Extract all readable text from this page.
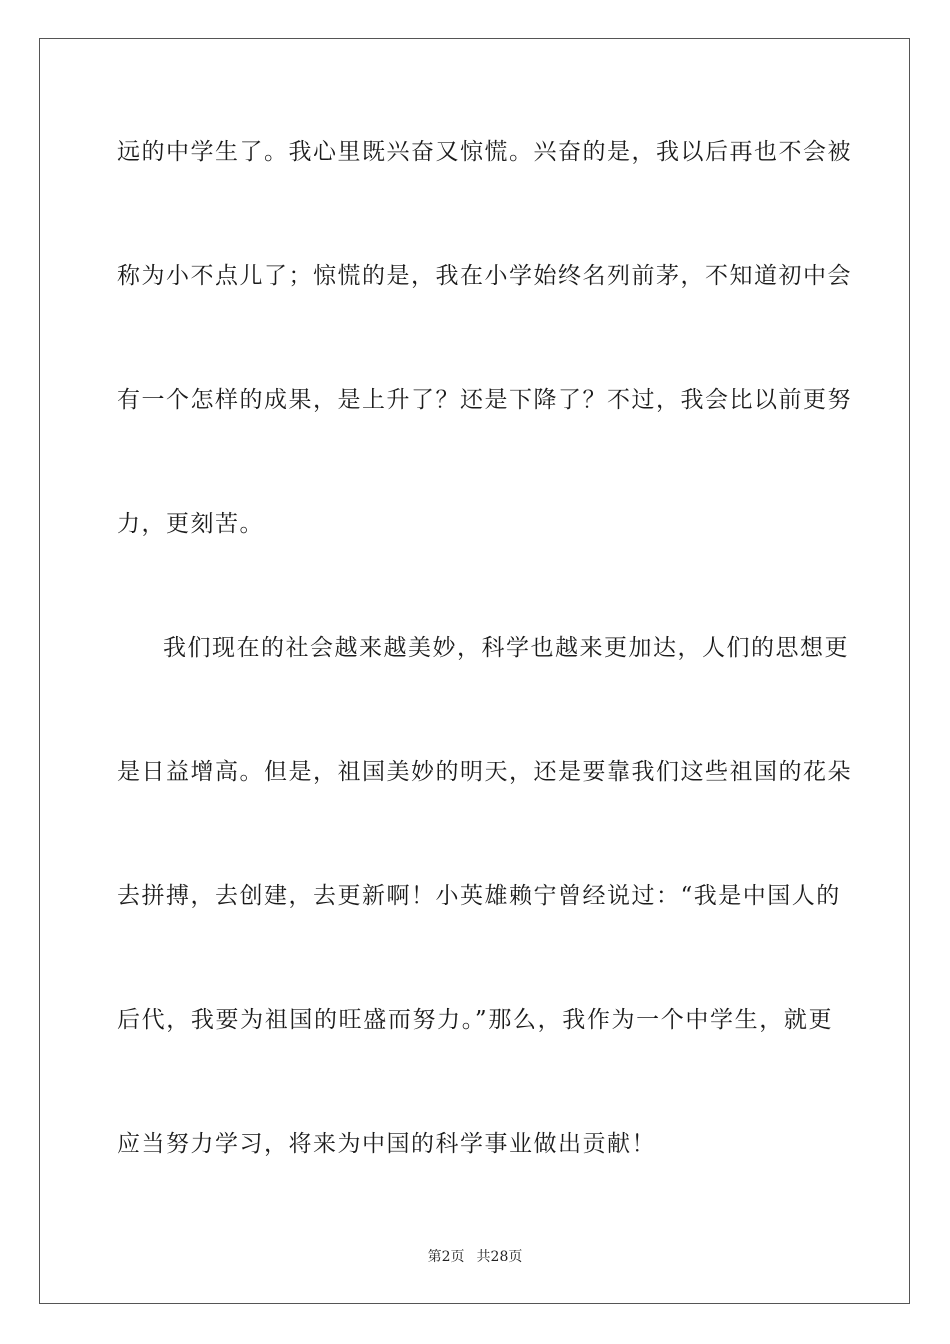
远的中学生了。我心里既兴奋又惊慌。兴奋的是，我以后再也不会被
称为小不点儿了；惊慌的是，我在小学始终名列前茅，不知道初中会
有一个怎样的成果，是上升了？还是下降了？不过，我会比以前更努
力，更刻苦。
我们现在的社会越来越美妙，科学也越来更加达，人们的思想更
是日益增高。但是，祖国美妙的明天，还是要靠我们这些祖国的花朵
去拼搏，去创建，去更新啊！小英雄赖宁曾经说过：“我是中国人的
后代，我要为祖国的旺盛而努力。”那么，我作为一个中学生，就更
应当努力学习，将来为中国的科学事业做出贡献！
第2页 共28页
